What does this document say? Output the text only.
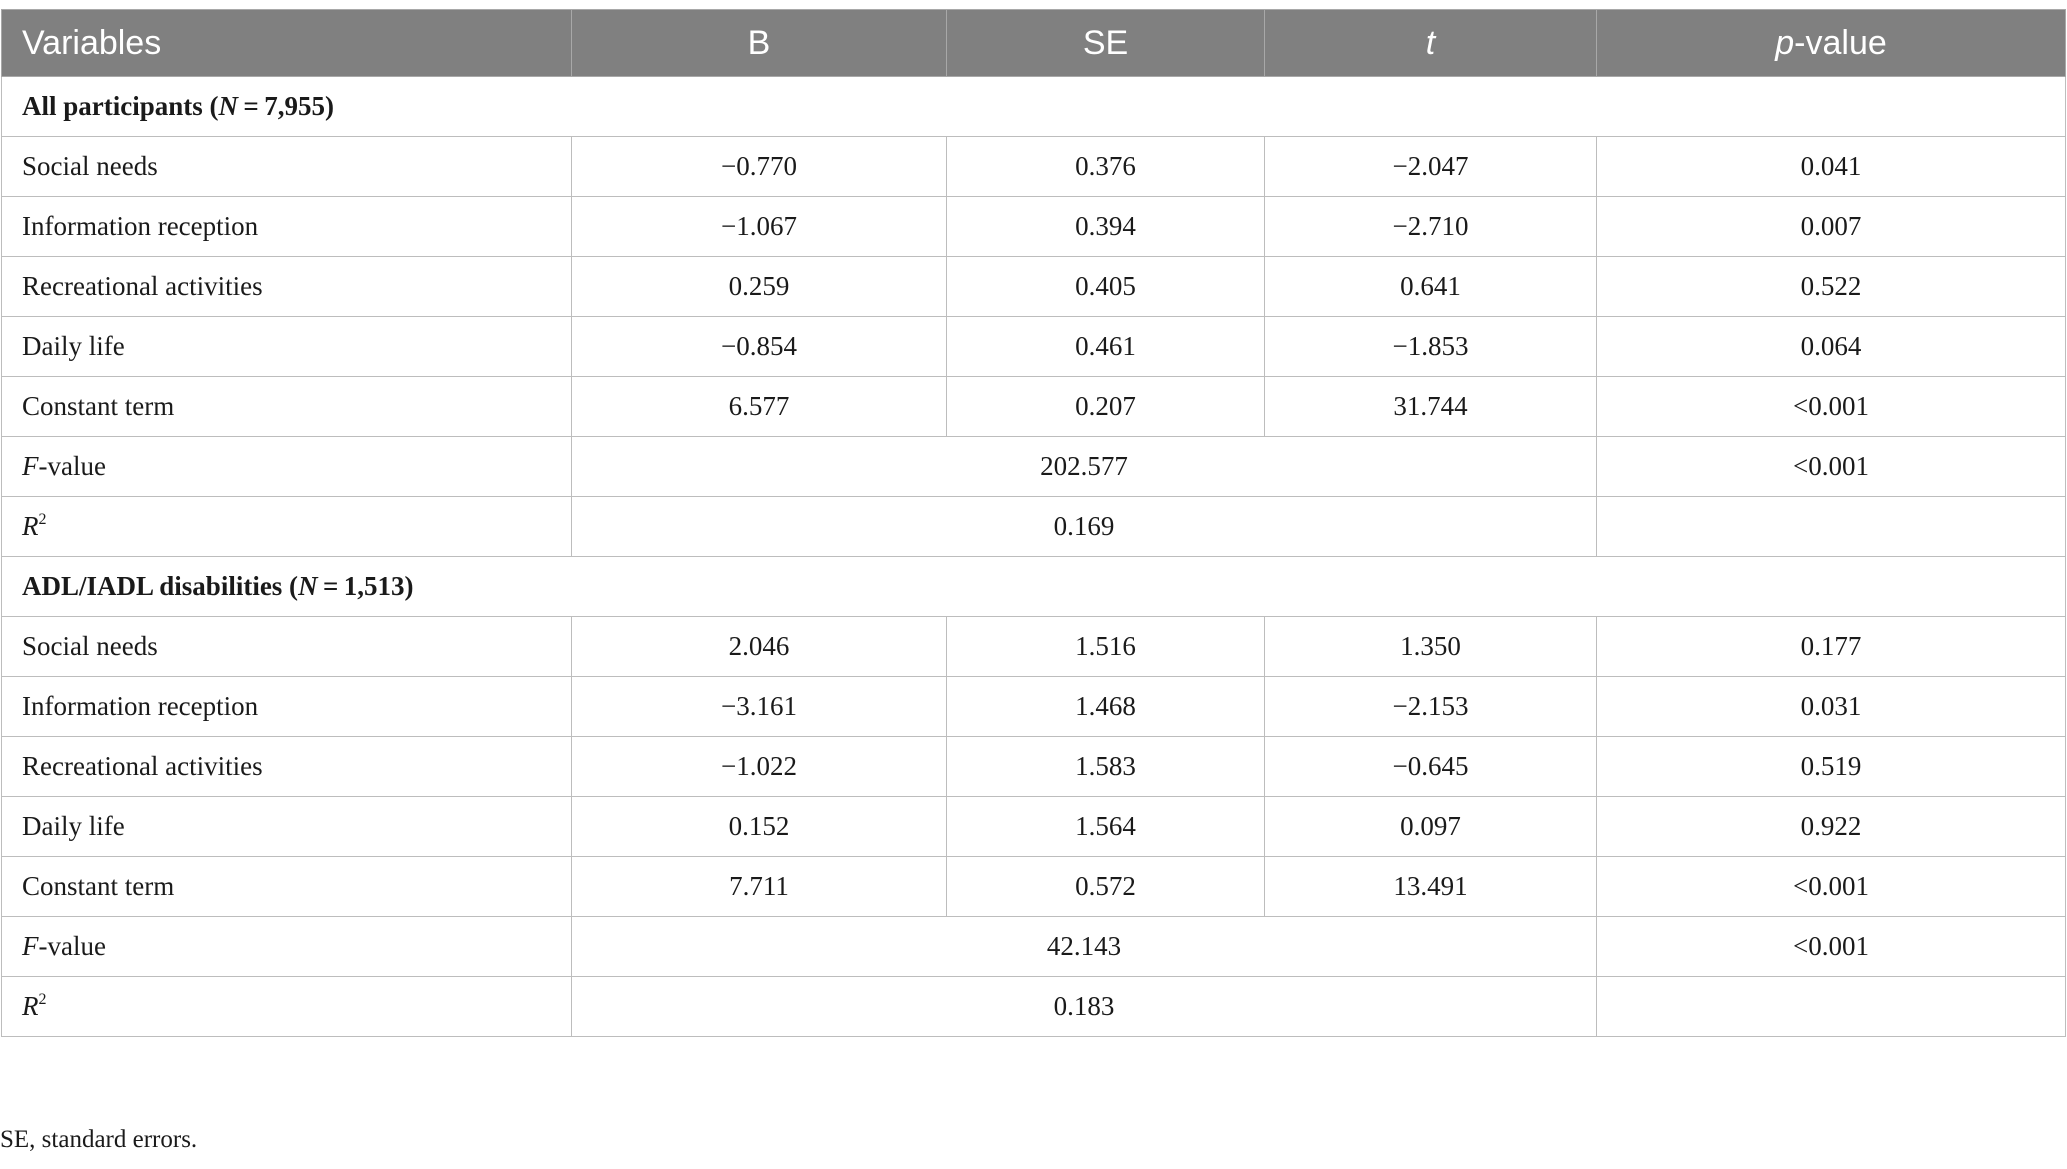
Variables	B	SE	t	p-value
All participants (N = 7,955)				
Social needs	−0.770	0.376	−2.047	0.041
Information reception	−1.067	0.394	−2.710	0.007
Recreational activities	0.259	0.405	0.641	0.522
Daily life	−0.854	0.461	−1.853	0.064
Constant term	6.577	0.207	31.744	<0.001
F-value	202.577			<0.001
$R^2$	0.169			
ADL/IADL disabilities (N = 1,513)				
Social needs	2.046	1.516	1.350	0.177
Information reception	−3.161	1.468	−2.153	0.031
Recreational activities	−1.022	1.583	−0.645	0.519
Daily life	0.152	1.564	0.097	0.922
Constant term	7.711	0.572	13.491	<0.001
F-value	42.143			<0.001
$R^2$	0.183			
SE, standard errors.
